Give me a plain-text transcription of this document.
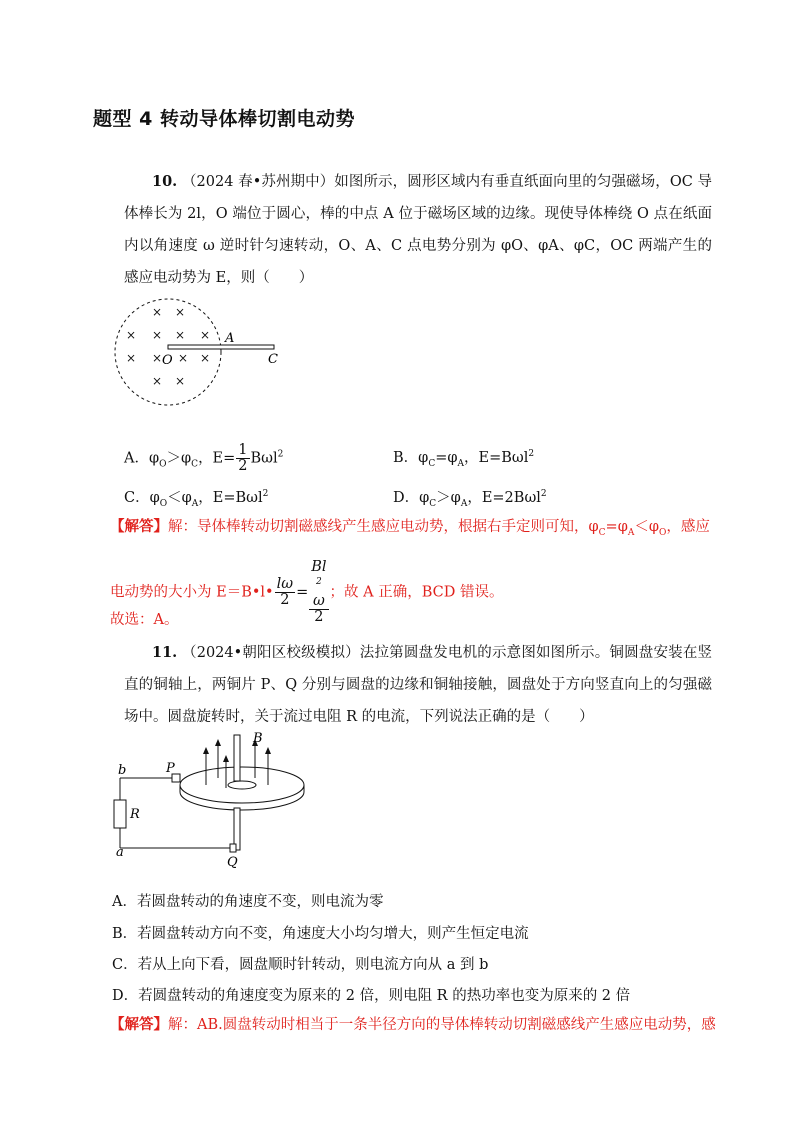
题型 4 转动导体棒切割电动势
10. （2024 春•苏州期中）如图所示，圆形区域内有垂直纸面向里的匀强磁场，OC 导体棒长为 2l，O 端位于圆心，棒的中点 A 位于磁场区域的边缘。现使导体棒绕 O 点在纸面内以角速度 ω 逆时针匀速转动，O、A、C 点电势分别为 φO、φA、φC，OC 两端产生的感应电动势为 E，则（　　）
× ×
× × × ×
× × × ×
× ×
A
C
O
A．$\varphi_O>\varphi_C$，$E= \frac{1}{2} B\omega l^2$	B．$\varphi_C=\varphi_A$，E=Bωl$^2$
C．$\varphi_O<\varphi_A$，E=Bωl$^2$	D．$\varphi_C>\varphi_A$，E=2Bωl$^2$
【解答】解：导体棒转动切割磁感线产生感应电动势，根据右手定则可知，$\varphi_C=\varphi_A<\varphi_O$，感应
电动势的大小为 E＝B•l• $\frac{l\omega}{2} = Bl$
$^2$
ω
2 ；故 A 正确，BCD 错误。
故选：A。
11. （2024•朝阳区校级模拟）法拉第圆盘发电机的示意图如图所示。铜圆盘安装在竖直的铜轴上，两铜片 P、Q 分别与圆盘的边缘和铜轴接触，圆盘处于方向竖直向上的匀强磁场中。圆盘旋转时，关于流过电阻 R 的电流，下列说法正确的是（　　）
b	P
B
R
a
Q
A．若圆盘转动的角速度不变，则电流为零
B．若圆盘转动方向不变，角速度大小均匀增大，则产生恒定电流
C．若从上向下看，圆盘顺时针转动，则电流方向从 a 到 b
D．若圆盘转动的角速度变为原来的 2 倍，则电阻 R 的热功率也变为原来的 2 倍
【解答】解：AB.圆盘转动时相当于一条半径方向的导体棒转动切割磁感线产生感应电动势，感
